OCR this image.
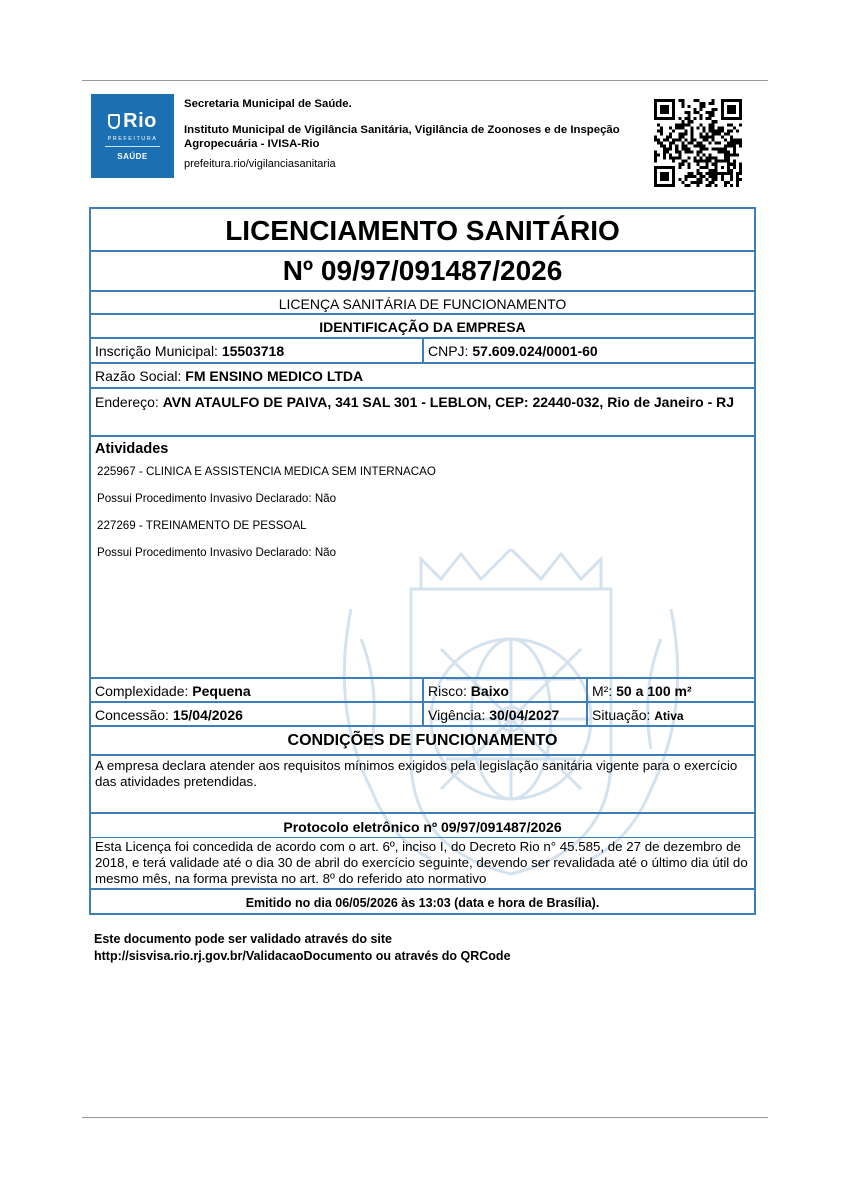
Rio
PREFEITURA
SAÚDE
Secretaria Municipal de Saúde.
Instituto Municipal de Vigilância Sanitária, Vigilância de Zoonoses e de Inspeção Agropecuária - IVISA-Rio
prefeitura.rio/vigilanciasanitaria
LICENCIAMENTO SANITÁRIO
Nº 09/97/091487/2026
LICENÇA SANITÁRIA DE FUNCIONAMENTO
IDENTIFICAÇÃO DA EMPRESA
Inscrição Municipal: 15503718	CNPJ: 57.609.024/0001-60
Razão Social: FM ENSINO MEDICO LTDA
Endereço: AVN ATAULFO DE PAIVA, 341 SAL 301 - LEBLON, CEP: 22440-032, Rio de Janeiro - RJ
Atividades
225967 - CLINICA E ASSISTENCIA MEDICA SEM INTERNACAO
Possui Procedimento Invasivo Declarado: Não
227269 - TREINAMENTO DE PESSOAL
Possui Procedimento Invasivo Declarado: Não
Complexidade: Pequena	Risco: Baixo	M²: 50 a 100 m²
Concessão: 15/04/2026	Vigência: 30/04/2027	Situação: Ativa
CONDIÇÕES DE FUNCIONAMENTO
A empresa declara atender aos requisitos mínimos exigidos pela legislação sanitária vigente para o exercício das atividades pretendidas.
Protocolo eletrônico nº 09/97/091487/2026
Esta Licença foi concedida de acordo com o art. 6º, inciso I, do Decreto Rio n° 45.585, de 27 de dezembro de 2018, e terá validade até o dia 30 de abril do exercício seguinte, devendo ser revalidada até o último dia útil do mesmo mês, na forma prevista no art. 8º do referido ato normativo
Emitido no dia 06/05/2026 às 13:03 (data e hora de Brasília).
Este documento pode ser validado através do site
http://sisvisa.rio.rj.gov.br/ValidacaoDocumento ou através do QRCode
